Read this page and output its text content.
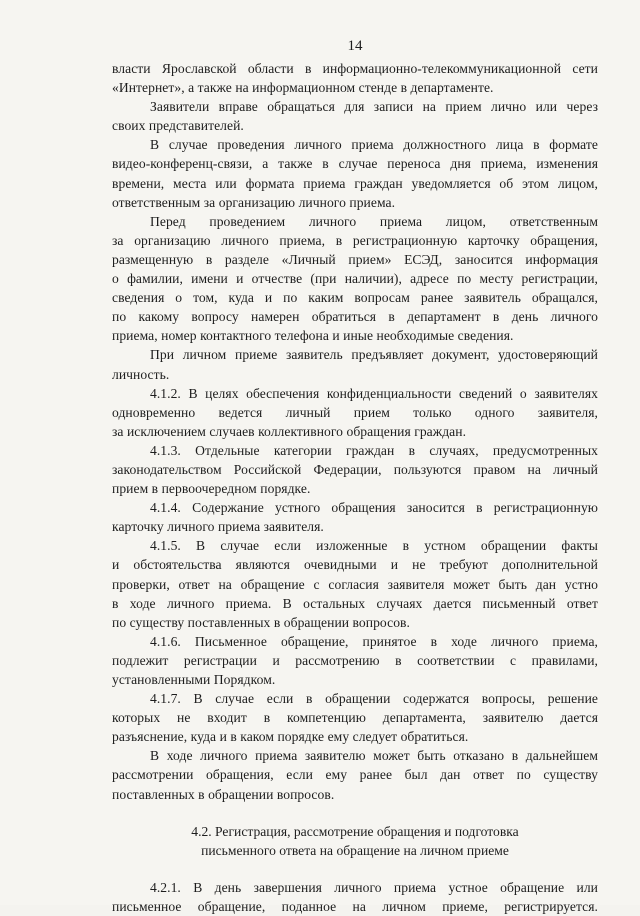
14
власти Ярославской области в информационно-телекоммуникационной сети
«Интернет», а также на информационном стенде в департаменте.
Заявители вправе обращаться для записи на прием лично или через
своих представителей.
В случае проведения личного приема должностного лица в формате
видео-конференц-связи, а также в случае переноса дня приема, изменения
времени, места или формата приема граждан уведомляется об этом лицом,
ответственным за организацию личного приема.
Перед проведением личного приема лицом, ответственным
за организацию личного приема, в регистрационную карточку обращения,
размещенную в разделе «Личный прием» ЕСЭД, заносится информация
о фамилии, имени и отчестве (при наличии), адресе по месту регистрации,
сведения о том, куда и по каким вопросам ранее заявитель обращался,
по какому вопросу намерен обратиться в департамент в день личного
приема, номер контактного телефона и иные необходимые сведения.
При личном приеме заявитель предъявляет документ, удостоверяющий
личность.
4.1.2. В целях обеспечения конфиденциальности сведений о заявителях
одновременно ведется личный прием только одного заявителя,
за исключением случаев коллективного обращения граждан.
4.1.3. Отдельные категории граждан в случаях, предусмотренных
законодательством Российской Федерации, пользуются правом на личный
прием в первоочередном порядке.
4.1.4. Содержание устного обращения заносится в регистрационную
карточку личного приема заявителя.
4.1.5. В случае если изложенные в устном обращении факты
и обстоятельства являются очевидными и не требуют дополнительной
проверки, ответ на обращение с согласия заявителя может быть дан устно
в ходе личного приема. В остальных случаях дается письменный ответ
по существу поставленных в обращении вопросов.
4.1.6. Письменное обращение, принятое в ходе личного приема,
подлежит регистрации и рассмотрению в соответствии с правилами,
установленными Порядком.
4.1.7. В случае если в обращении содержатся вопросы, решение
которых не входит в компетенцию департамента, заявителю дается
разъяснение, куда и в каком порядке ему следует обратиться.
В ходе личного приема заявителю может быть отказано в дальнейшем
рассмотрении обращения, если ему ранее был дан ответ по существу
поставленных в обращении вопросов.
4.2. Регистрация, рассмотрение обращения и подготовка
письменного ответа на обращение на личном приеме
4.2.1. В день завершения личного приема устное обращение или
письменное обращение, поданное на личном приеме, регистрируется.
